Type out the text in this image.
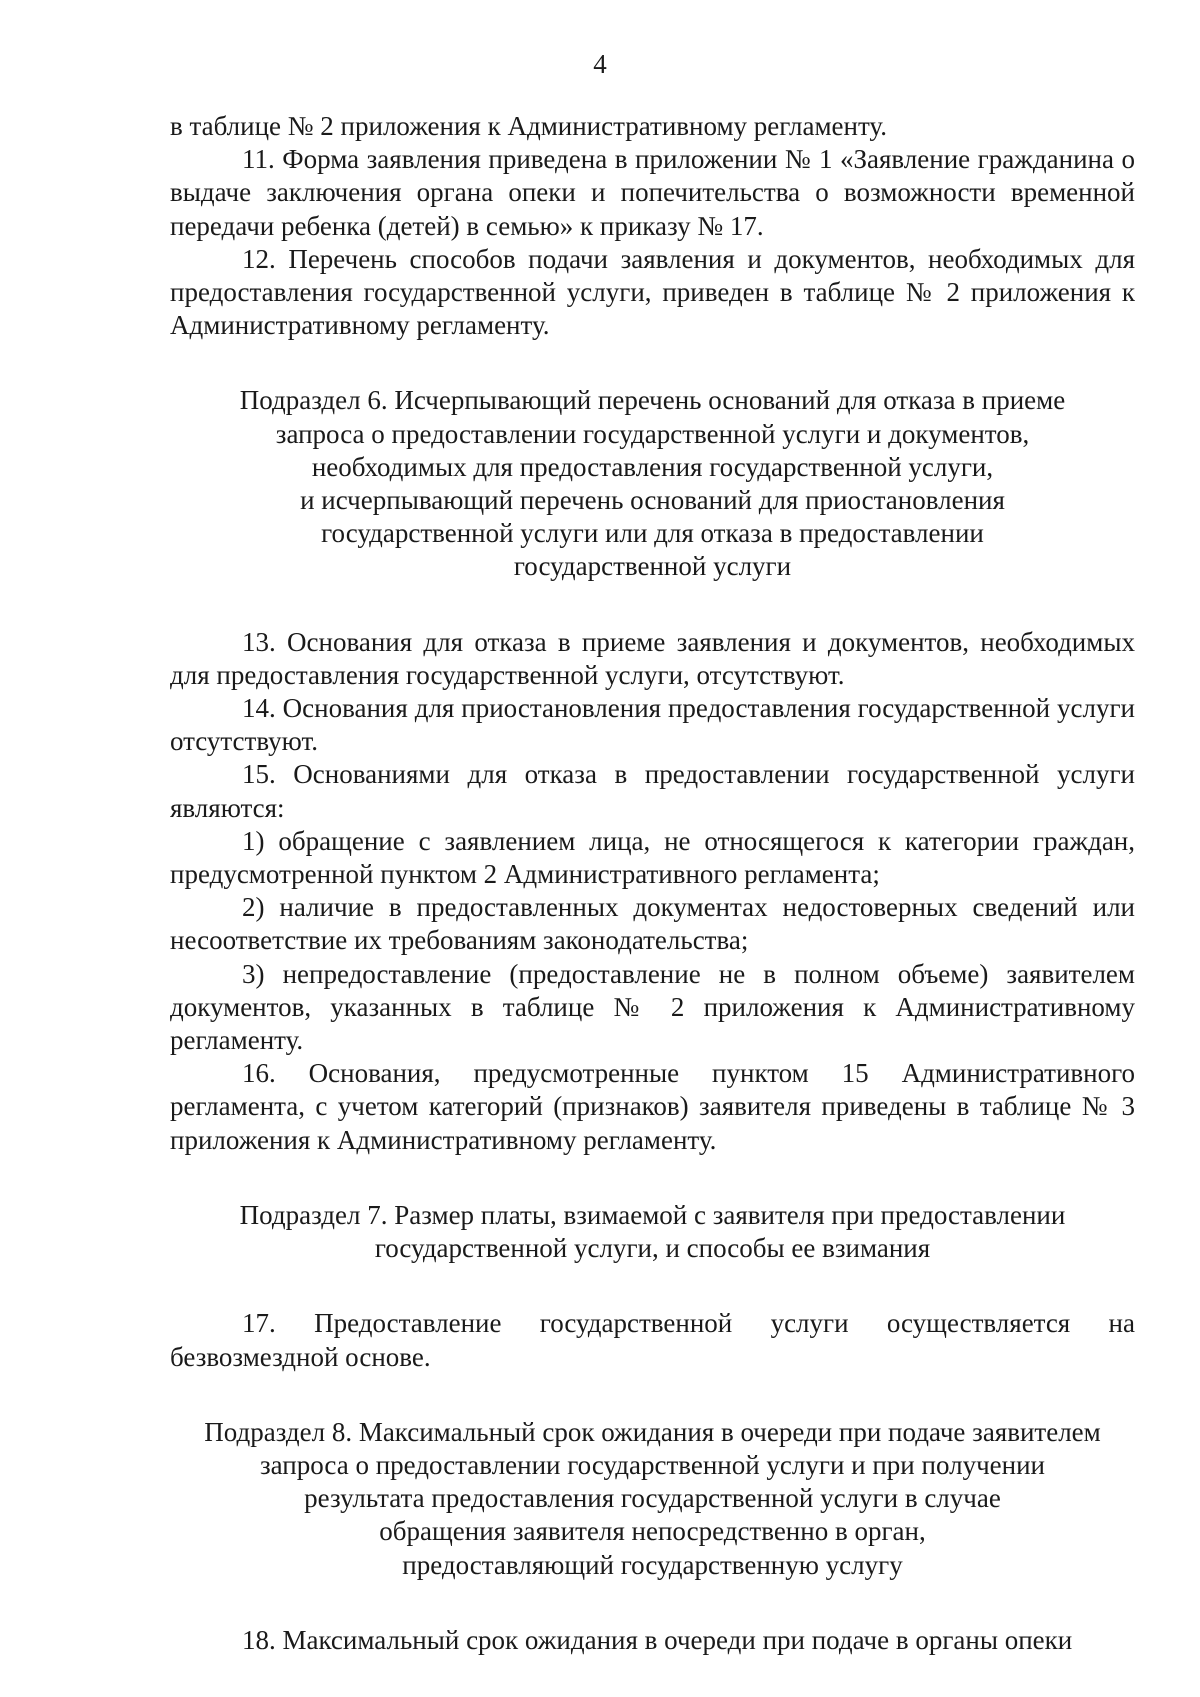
4

в таблице № 2 приложения к Административному регламенту.

11. Форма заявления приведена в приложении № 1 «Заявление гражданина о выдаче заключения органа опеки и попечительства о возможности временной передачи ребенка (детей) в семью» к приказу № 17.

12. Перечень способов подачи заявления и документов, необходимых для предоставления государственной услуги, приведен в таблице № 2 приложения к Административному регламенту.

Подраздел 6. Исчерпывающий перечень оснований для отказа в приеме
запроса о предоставлении государственной услуги и документов,
необходимых для предоставления государственной услуги,
и исчерпывающий перечень оснований для приостановления
государственной услуги или для отказа в предоставлении
государственной услуги

13. Основания для отказа в приеме заявления и документов, необходимых для предоставления государственной услуги, отсутствуют.

14. Основания для приостановления предоставления государственной услуги отсутствуют.

15. Основаниями для отказа в предоставлении государственной услуги являются:

1) обращение с заявлением лица, не относящегося к категории граждан, предусмотренной пунктом 2 Административного регламента;

2) наличие в предоставленных документах недостоверных сведений или несоответствие их требованиям законодательства;

3) непредоставление (предоставление не в полном объеме) заявителем документов, указанных в таблице № 2 приложения к Административному регламенту.

16. Основания, предусмотренные пунктом 15 Административного регламента, с учетом категорий (признаков) заявителя приведены в таблице № 3 приложения к Административному регламенту.

Подраздел 7. Размер платы, взимаемой с заявителя при предоставлении
государственной услуги, и способы ее взимания

17. Предоставление государственной услуги осуществляется на безвозмездной основе.

Подраздел 8. Максимальный срок ожидания в очереди при подаче заявителем
запроса о предоставлении государственной услуги и при получении
результата предоставления государственной услуги в случае
обращения заявителя непосредственно в орган,
предоставляющий государственную услугу

18. Максимальный срок ожидания в очереди при подаче в органы опеки
